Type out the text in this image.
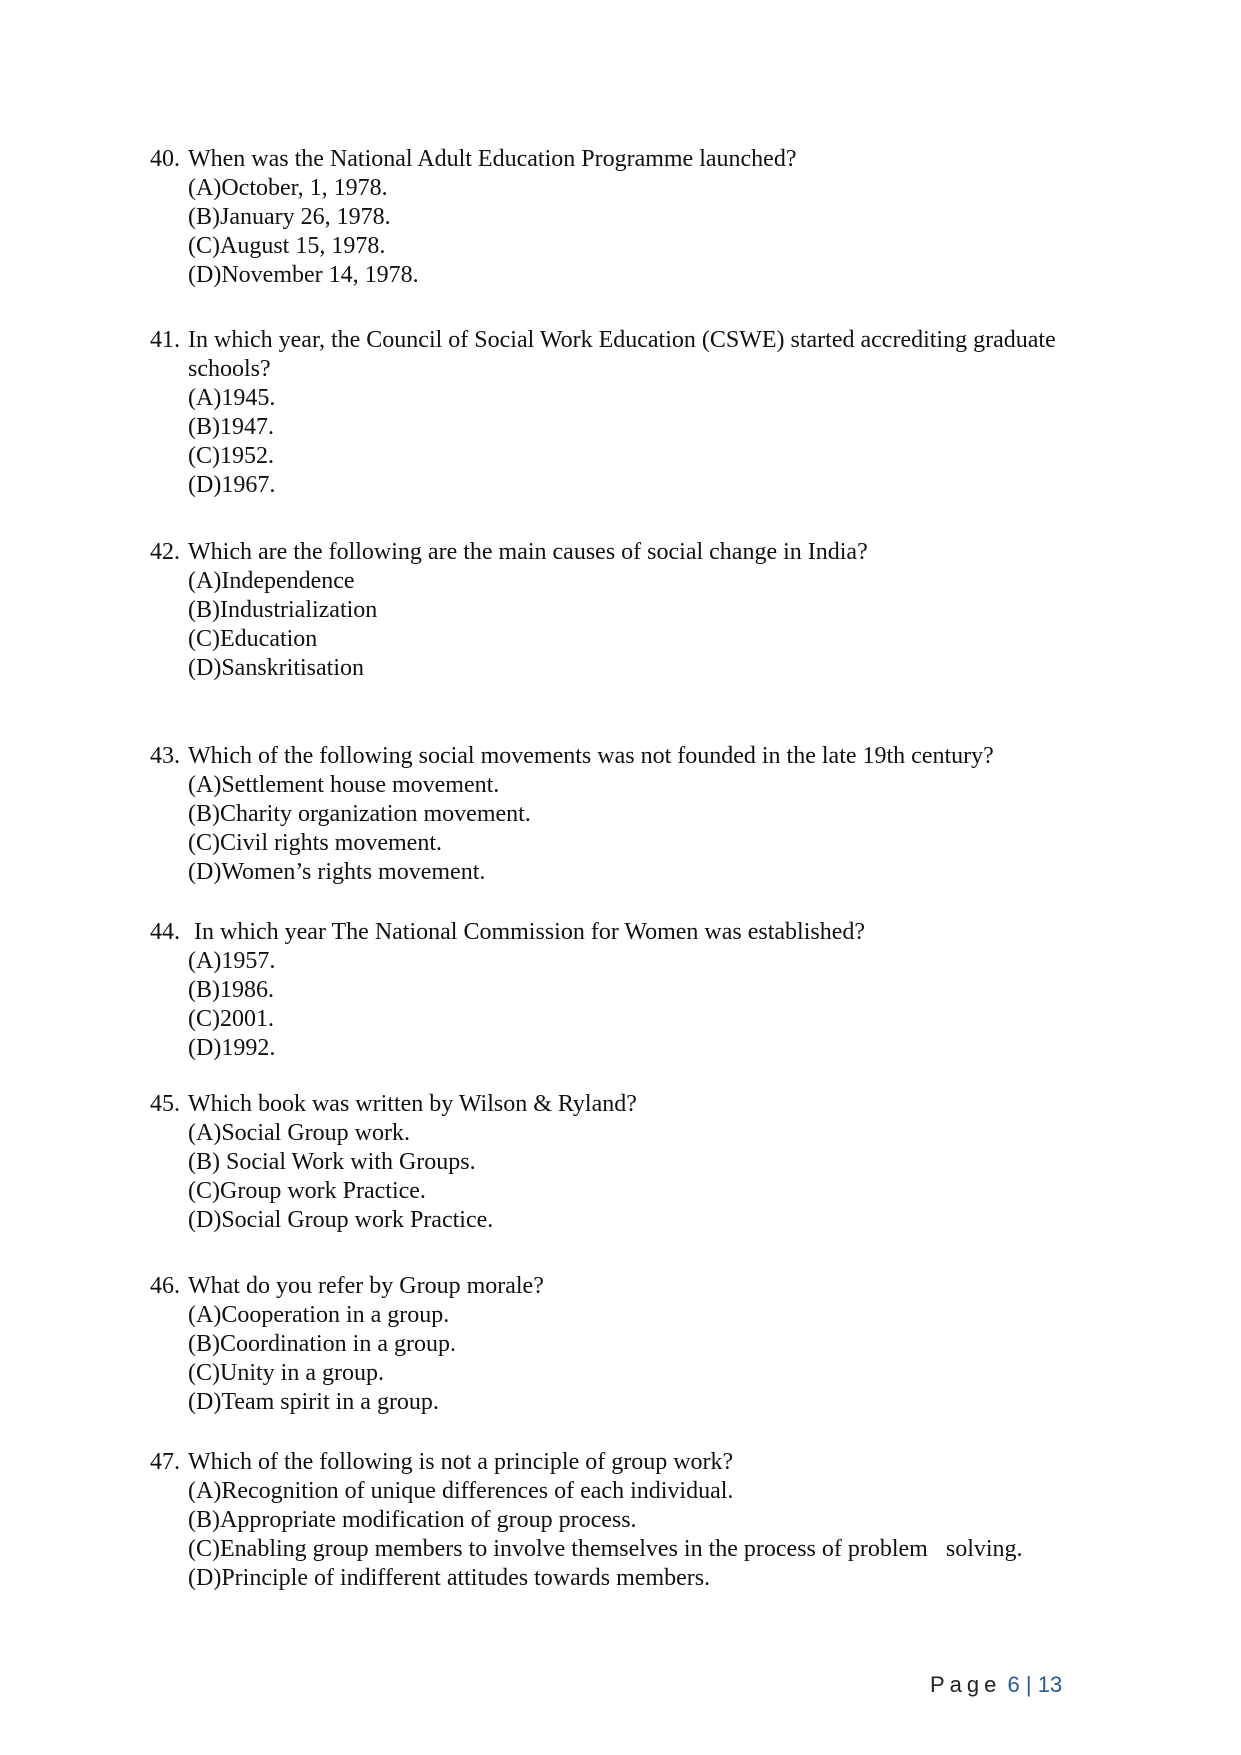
40. When was the National Adult Education Programme launched?
(A) October, 1, 1978.
(B) January 26, 1978.
(C) August 15, 1978.
(D) November 14, 1978.
41. In which year, the Council of Social Work Education (CSWE) started accrediting graduate schools?
(A) 1945.
(B) 1947.
(C) 1952.
(D) 1967.
42. Which are the following are the main causes of social change in India?
(A) Independence
(B) Industrialization
(C) Education
(D) Sanskritisation
43. Which of the following social movements was not founded in the late 19th century?
(A) Settlement house movement.
(B) Charity organization movement.
(C) Civil rights movement.
(D) Women’s rights movement.
44. In which year The National Commission for Women was established?
(A) 1957.
(B) 1986.
(C) 2001.
(D) 1992.
45. Which book was written by Wilson & Ryland?
(A) Social Group work.
(B) Social Work with Groups.
(C) Group work Practice.
(D) Social Group work Practice.
46. What do you refer by Group morale?
(A) Cooperation in a group.
(B) Coordination in a group.
(C) Unity in a group.
(D) Team spirit in a group.
47. Which of the following is not a principle of group work?
(A) Recognition of unique differences of each individual.
(B) Appropriate modification of group process.
(C) Enabling group members to involve themselves in the process of problem   solving.
(D) Principle of indifferent attitudes towards members.
Page 6 | 13
